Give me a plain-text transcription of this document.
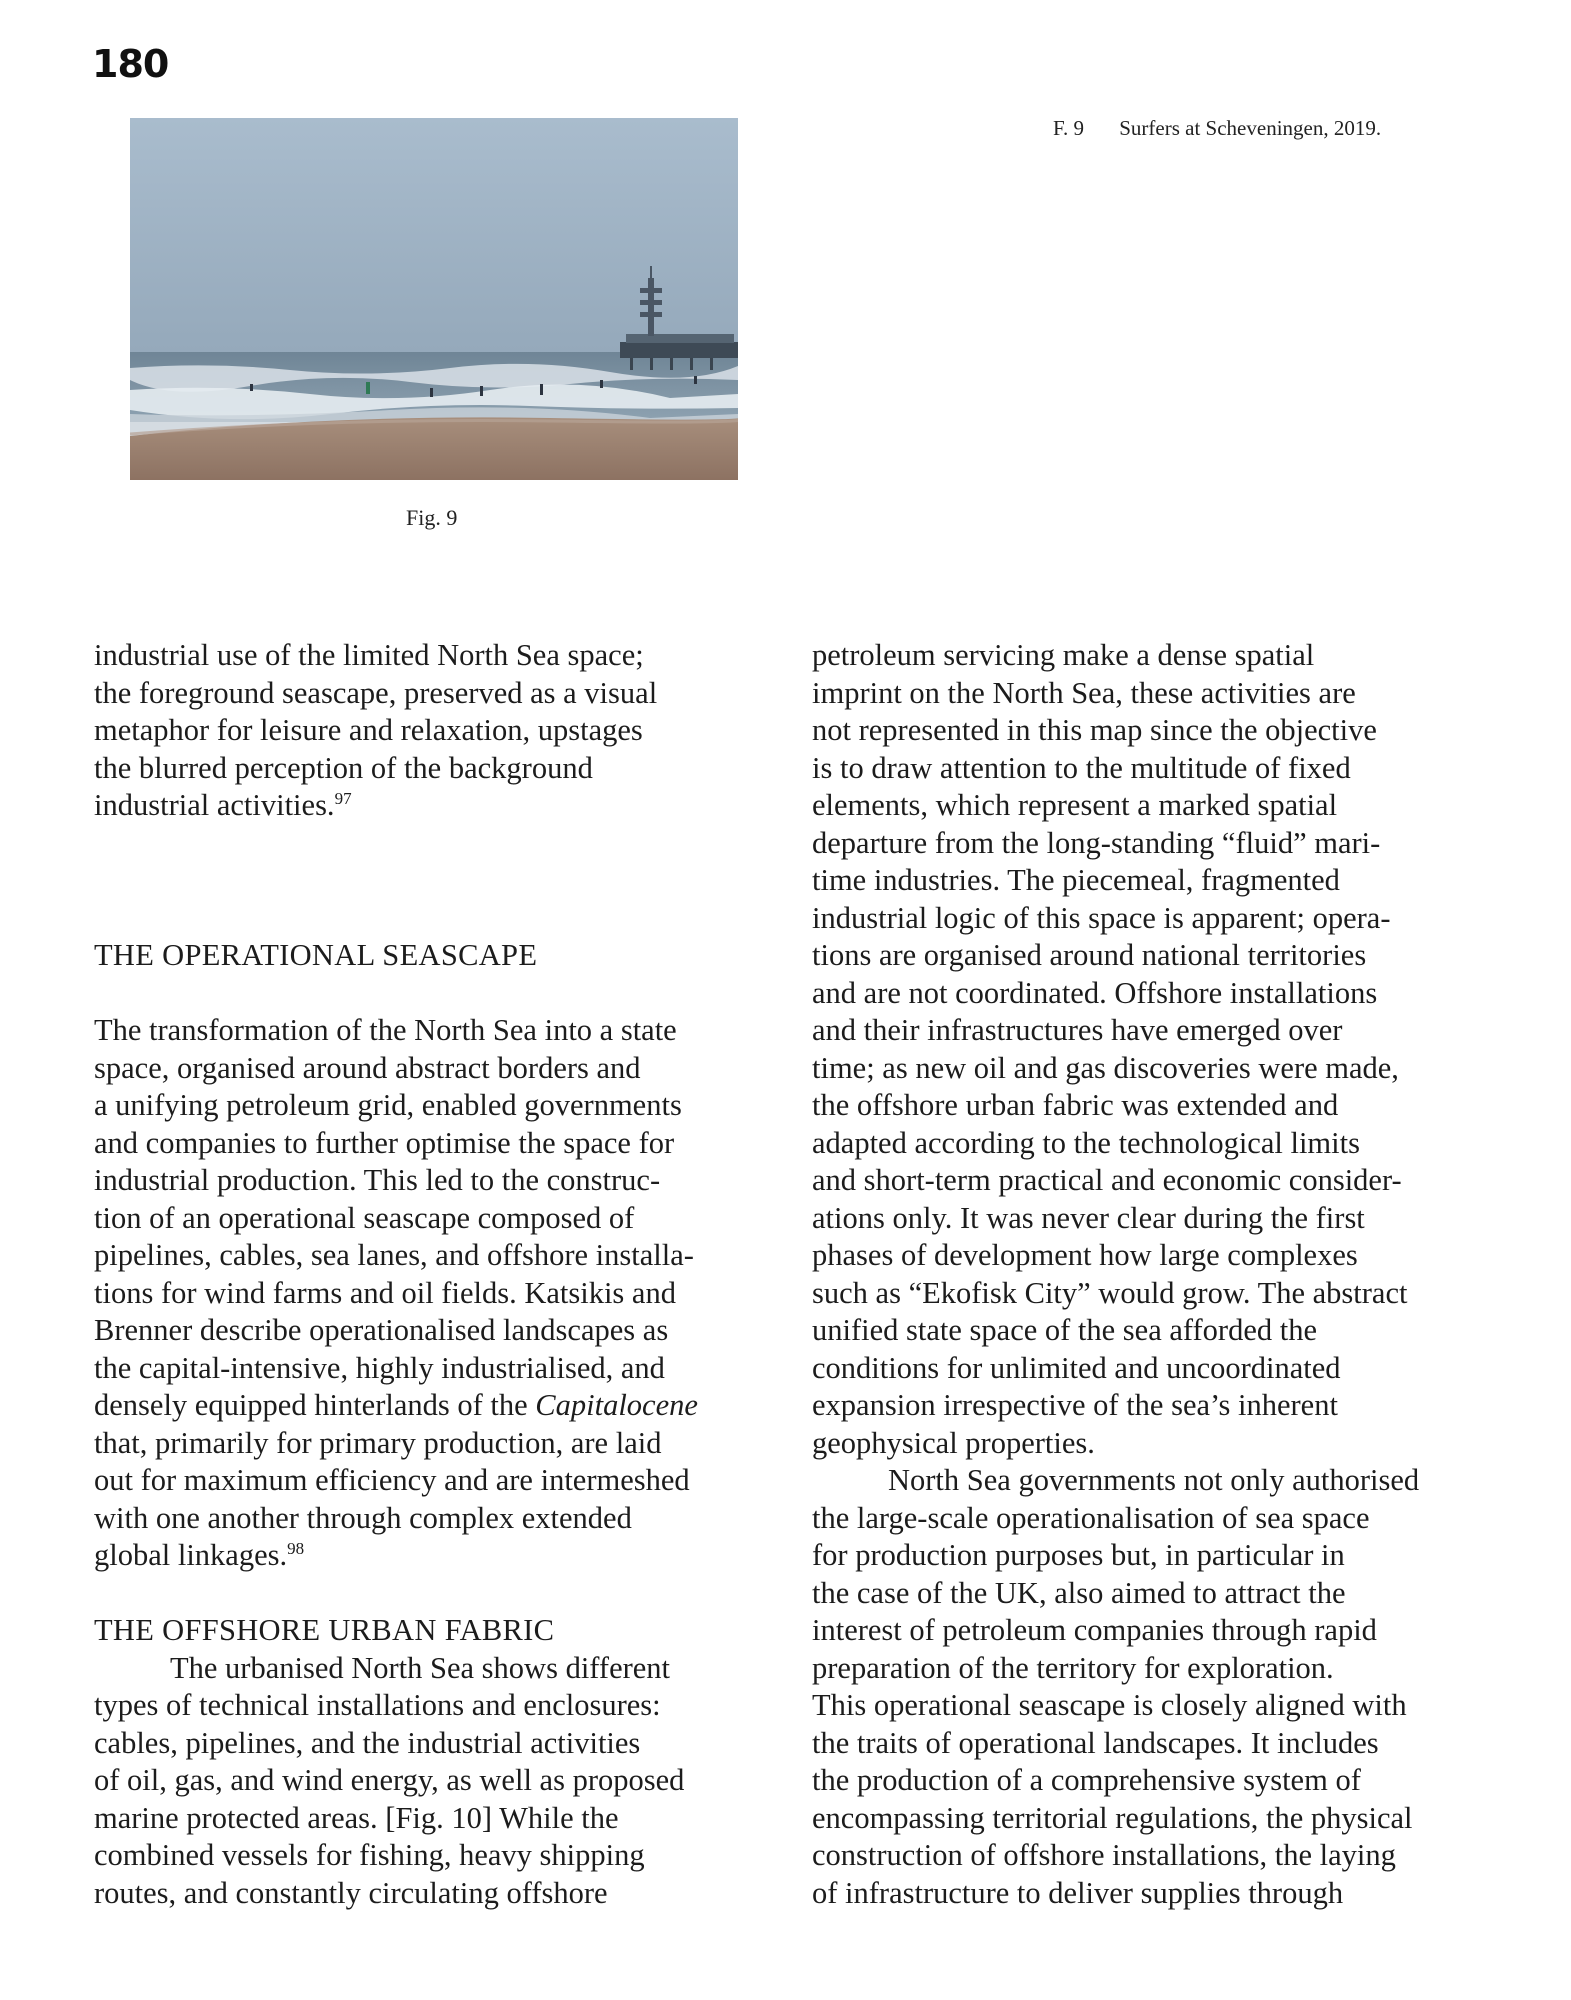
180
Fig. 9
F. 9 Surfers at Scheveningen, 2019.
industrial use of the limited North Sea space;
the foreground seascape, preserved as a visual
metaphor for leisure and relaxation, upstages
the blurred perception of the background
industrial activities.$^{97}$
THE OPERATIONAL SEASCAPE
The transformation of the North Sea into a state
space, organised around abstract borders and
a unifying petroleum grid, enabled governments
and companies to further optimise the space for
industrial production. This led to the construc-
tion of an operational seascape composed of
pipelines, cables, sea lanes, and offshore installa-
tions for wind farms and oil fields. Katsikis and
Brenner describe operationalised landscapes as
the capital-intensive, highly industrialised, and
densely equipped hinterlands of the Capitalocene
that, primarily for primary production, are laid
out for maximum efficiency and are intermeshed
with one another through complex extended
global linkages.$^{98}$
THE OFFSHORE URBAN FABRIC
The urbanised North Sea shows different
types of technical installations and enclosures:
cables, pipelines, and the industrial activities
of oil, gas, and wind energy, as well as proposed
marine protected areas. [Fig. 10] While the
combined vessels for fishing, heavy shipping
routes, and constantly circulating offshore
petroleum servicing make a dense spatial
imprint on the North Sea, these activities are
not represented in this map since the objective
is to draw attention to the multitude of fixed
elements, which represent a marked spatial
departure from the long-standing “fluid” mari-
time industries. The piecemeal, fragmented
industrial logic of this space is apparent; opera-
tions are organised around national territories
and are not coordinated. Offshore installations
and their infrastructures have emerged over
time; as new oil and gas discoveries were made,
the offshore urban fabric was extended and
adapted according to the technological limits
and short-term practical and economic consider-
ations only. It was never clear during the first
phases of development how large complexes
such as “Ekofisk City” would grow. The abstract
unified state space of the sea afforded the
conditions for unlimited and uncoordinated
expansion irrespective of the sea’s inherent
geophysical properties.
North Sea governments not only authorised
the large-scale operationalisation of sea space
for production purposes but, in particular in
the case of the UK, also aimed to attract the
interest of petroleum companies through rapid
preparation of the territory for exploration.
This operational seascape is closely aligned with
the traits of operational landscapes. It includes
the production of a comprehensive system of
encompassing territorial regulations, the physical
construction of offshore installations, the laying
of infrastructure to deliver supplies through
